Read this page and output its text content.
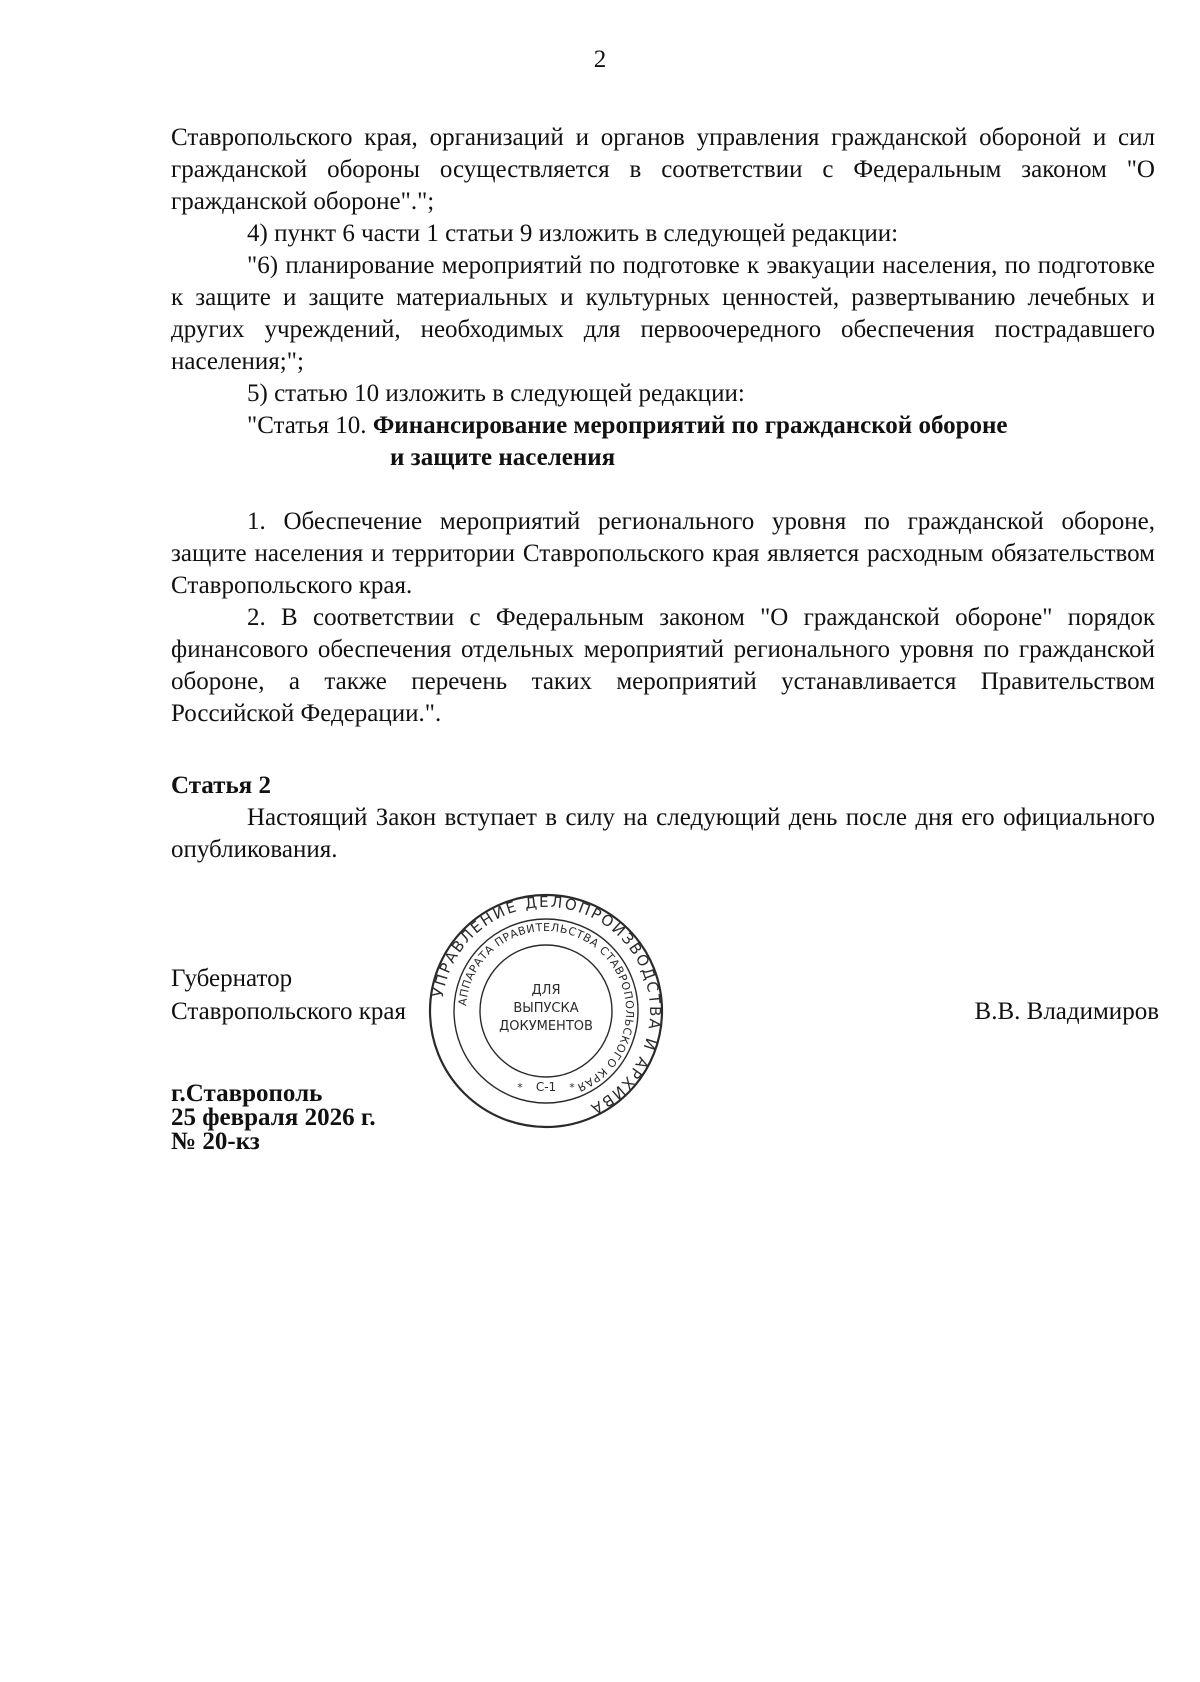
2

Ставропольского края, организаций и органов управления гражданской обороной и сил гражданской обороны осуществляется в соответствии с Федеральным законом "О гражданской обороне".";

4) пункт 6 части 1 статьи 9 изложить в следующей редакции:

"6) планирование мероприятий по подготовке к эвакуации населения, по подготовке к защите и защите материальных и культурных ценностей, развертыванию лечебных и других учреждений, необходимых для первоочередного обеспечения пострадавшего населения;";

5) статью 10 изложить в следующей редакции:

"Статья 10. Финансирование мероприятий по гражданской обороне
и защите населения

1. Обеспечение мероприятий регионального уровня по гражданской обороне, защите населения и территории Ставропольского края является расходным обязательством Ставропольского края.

2. В соответствии с Федеральным законом "О гражданской обороне" порядок финансового обеспечения отдельных мероприятий регионального уровня по гражданской обороне, а также перечень таких мероприятий устанавливается Правительством Российской Федерации.".

Статья 2

Настоящий Закон вступает в силу на следующий день после дня его официального опубликования.

Губернатор
Ставропольского края	В.В. Владимиров
УПРАВЛЕНИЕ ДЕЛОПРОИЗВОДСТВА И АРХИВА
АППАРАТА ПРАВИТЕЛЬСТВА СТАВРОПОЛЬСКОГО КРАЯ
ДЛЯ
ВЫПУСКА
ДОКУМЕНТОВ
С-1
*	*
г.Ставрополь
25 февраля 2026 г.
№ 20-кз
